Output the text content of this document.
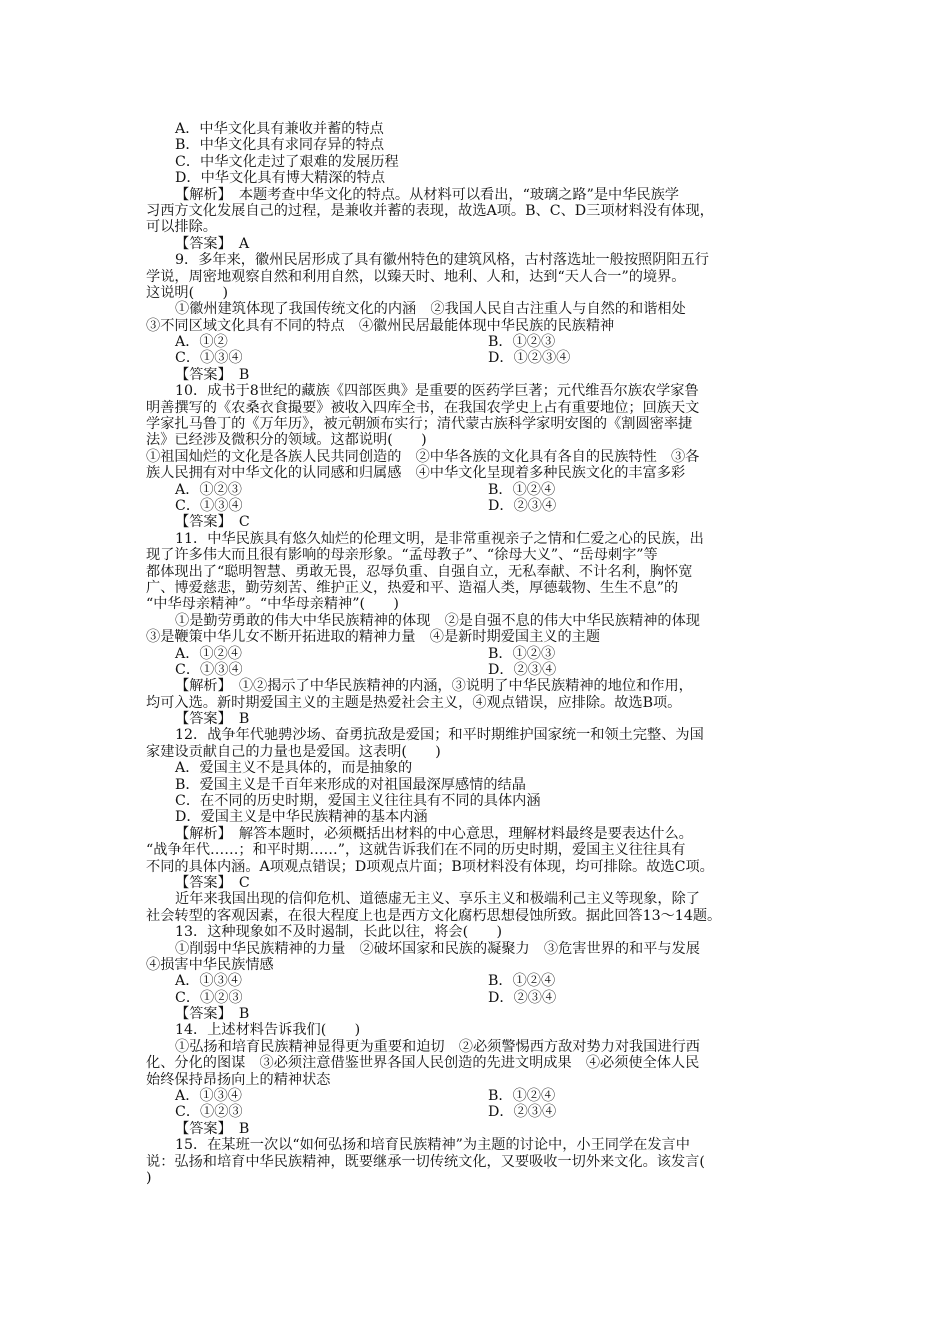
A．中华文化具有兼收并蓄的特点
B．中华文化具有求同存异的特点
C．中华文化走过了艰难的发展历程
D．中华文化具有博大精深的特点
【解析】　本题考查中华文化的特点。从材料可以看出，“玻璃之路”是中华民族学
习西方文化发展自己的过程，是兼收并蓄的表现，故选A项。B、C、D三项材料没有体现，
可以排除。
【答案】　A
9．多年来，徽州民居形成了具有徽州特色的建筑风格，古村落选址一般按照阴阳五行
学说，周密地观察自然和利用自然，以臻天时、地利、人和，达到“天人合一”的境界。
这说明(　　)
①徽州建筑体现了我国传统文化的内涵　②我国人民自古注重人与自然的和谐相处
③不同区域文化具有不同的特点　④徽州民居最能体现中华民族的民族精神
A．①②	B．①②③
C．①③④	D．①②③④
【答案】　B
10．成书于8世纪的藏族《四部医典》是重要的医药学巨著；元代维吾尔族农学家鲁
明善撰写的《农桑衣食撮要》被收入四库全书，在我国农学史上占有重要地位；回族天文
学家扎马鲁丁的《万年历》，被元朝颁布实行；清代蒙古族科学家明安图的《割圆密率捷
法》已经涉及微积分的领域。这都说明(　　)
①祖国灿烂的文化是各族人民共同创造的　②中华各族的文化具有各自的民族特性　③各
族人民拥有对中华文化的认同感和归属感　④中华文化呈现着多种民族文化的丰富多彩
A．①②③	B．①②④
C．①③④	D．②③④
【答案】　C
11．中华民族具有悠久灿烂的伦理文明，是非常重视亲子之情和仁爱之心的民族，出
现了许多伟大而且很有影响的母亲形象。“孟母教子”、“徐母大义”、“岳母刺字”等
都体现出了“聪明智慧、勇敢无畏，忍辱负重、自强自立，无私奉献、不计名利，胸怀宽
广、博爱慈悲，勤劳刻苦、维护正义，热爱和平、造福人类，厚德载物、生生不息”的
“中华母亲精神”。“中华母亲精神”(　　)
①是勤劳勇敢的伟大中华民族精神的体现　②是自强不息的伟大中华民族精神的体现
③是鞭策中华儿女不断开拓进取的精神力量　④是新时期爱国主义的主题
A．①②④	B．①②③
C．①③④	D．②③④
【解析】　①②揭示了中华民族精神的内涵，③说明了中华民族精神的地位和作用，
均可入选。新时期爱国主义的主题是热爱社会主义，④观点错误，应排除。故选B项。
【答案】　B
12．战争年代驰骋沙场、奋勇抗敌是爱国；和平时期维护国家统一和领土完整、为国
家建设贡献自己的力量也是爱国。这表明(　　)
A．爱国主义不是具体的，而是抽象的
B．爱国主义是千百年来形成的对祖国最深厚感情的结晶
C．在不同的历史时期，爱国主义往往具有不同的具体内涵
D．爱国主义是中华民族精神的基本内涵
【解析】　解答本题时，必须概括出材料的中心意思，理解材料最终是要表达什么。
“战争年代……；和平时期……”，这就告诉我们在不同的历史时期，爱国主义往往具有
不同的具体内涵。A项观点错误；D项观点片面；B项材料没有体现，均可排除。故选C项。
【答案】　C
近年来我国出现的信仰危机、道德虚无主义、享乐主义和极端利己主义等现象，除了
社会转型的客观因素，在很大程度上也是西方文化腐朽思想侵蚀所致。据此回答13～14题。
13．这种现象如不及时遏制，长此以往，将会(　　)
①削弱中华民族精神的力量　②破坏国家和民族的凝聚力　③危害世界的和平与发展
④损害中华民族情感
A．①③④	B．①②④
C．①②③	D．②③④
【答案】　B
14．上述材料告诉我们(　　)
①弘扬和培育民族精神显得更为重要和迫切　②必须警惕西方敌对势力对我国进行西
化、分化的图谋　③必须注意借鉴世界各国人民创造的先进文明成果　④必须使全体人民
始终保持昂扬向上的精神状态
A．①③④	B．①②④
C．①②③	D．②③④
【答案】　B
15．在某班一次以“如何弘扬和培育民族精神”为主题的讨论中，小王同学在发言中
说：弘扬和培育中华民族精神，既要继承一切传统文化，又要吸收一切外来文化。该发言(
)
